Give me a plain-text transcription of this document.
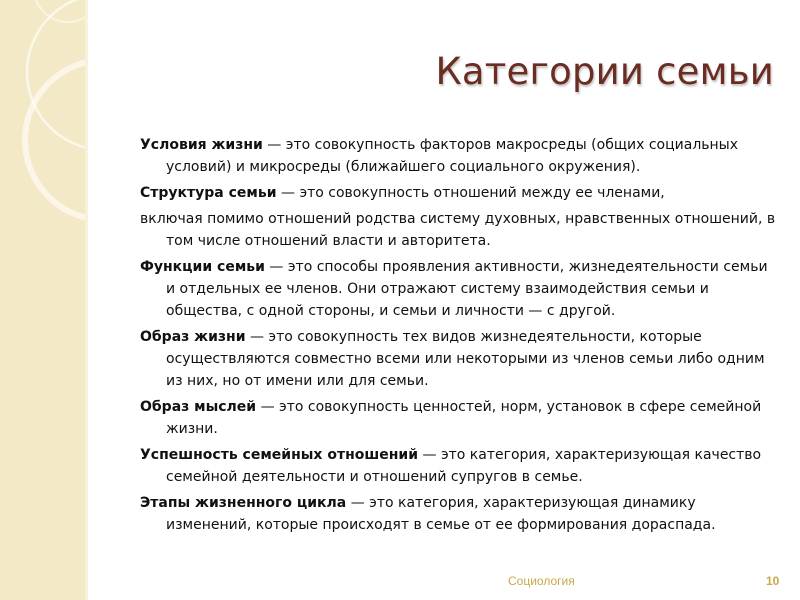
Категории семьи

Условия жизни — это совокупность факторов макросреды (общих социальных условий) и микросреды (ближайшего социального окружения).

Структура семьи — это совокупность отношений между ее членами,

включая помимо отношений родства систему духовных, нравственных отношений, в том числе отношений власти и авторитета.

Функции семьи — это способы проявления активности, жизнедеятельности семьи и отдельных ее членов. Они отражают систему взаимодействия семьи и общества, с одной стороны, и семьи и личности — с другой.

Образ жизни — это совокупность тех видов жизнедеятельности, которые осуществляются совместно всеми или некоторыми из членов семьи либо одним из них, но от имени или для семьи.

Образ мыслей — это совокупность ценностей, норм, установок в сфере семейной жизни.

Успешность семейных отношений — это категория, характеризующая качество семейной деятельности и отношений супругов в семье.

Этапы жизненного цикла — это категория, характеризующая динамику изменений, которые происходят в семье от ее формирования дораспада.

Социология	10
